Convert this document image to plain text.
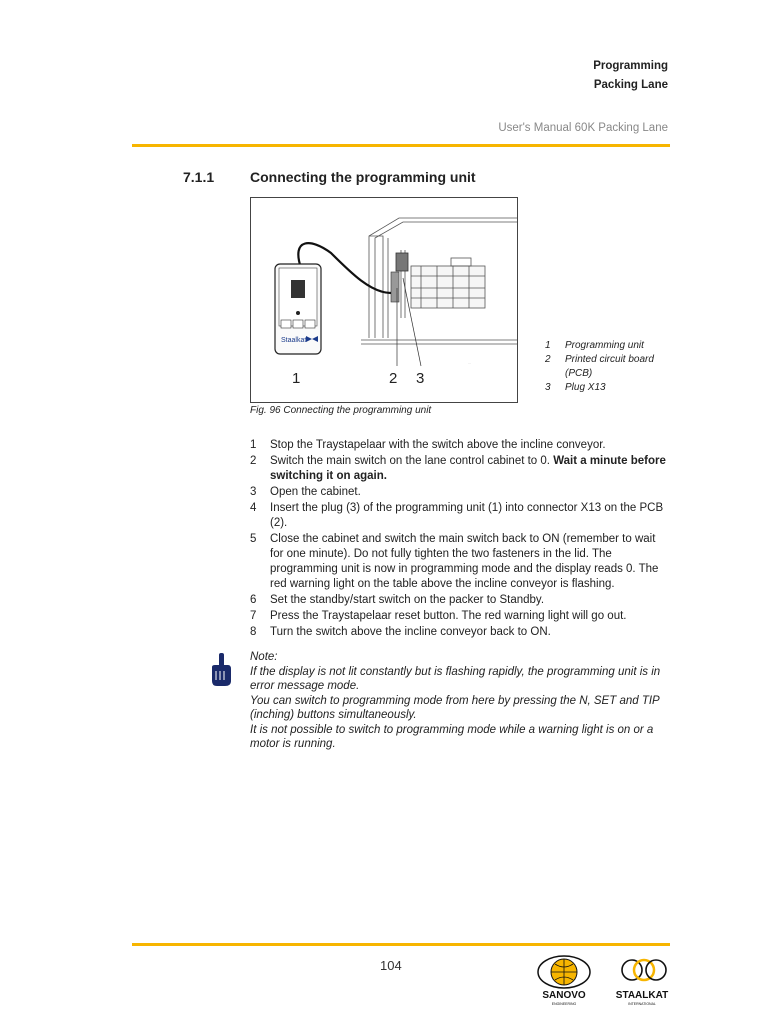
Programming
Packing Lane
User's Manual 60K Packing Lane
7.1.1	Connecting the programming unit
Staalkat
···
1	2 3
Fig. 96 Connecting the programming unit
1	Programming unit
2	Printed circuit board (PCB)
3	Plug X13
1	Stop the Traystapelaar with the switch above the incline conveyor.
2	Switch the main switch on the lane control cabinet to 0. Wait a minute before switching it on again.
3	Open the cabinet.
4	Insert the plug (3) of the programming unit (1) into connector X13 on the PCB (2).
5	Close the cabinet and switch the main switch back to ON (remember to wait for one minute). Do not fully tighten the two fasteners in the lid. The programming unit is now in programming mode and the display reads 0. The red warning light on the table above the incline conveyor is flashing.
6	Set the standby/start switch on the packer to Standby.
7	Press the Traystapelaar reset button. The red warning light will go out.
8	Turn the switch above the incline conveyor back to ON.
Note:
If the display is not lit constantly but is flashing rapidly, the programming unit is in error message mode.
You can switch to programming mode from here by pressing the N, SET and TIP (inching) buttons simultaneously.
It is not possible to switch to programming mode while a warning light is on or a motor is running.
104
SANOVO
ENGINEERING
STAALKAT
INTERNATIONAL
